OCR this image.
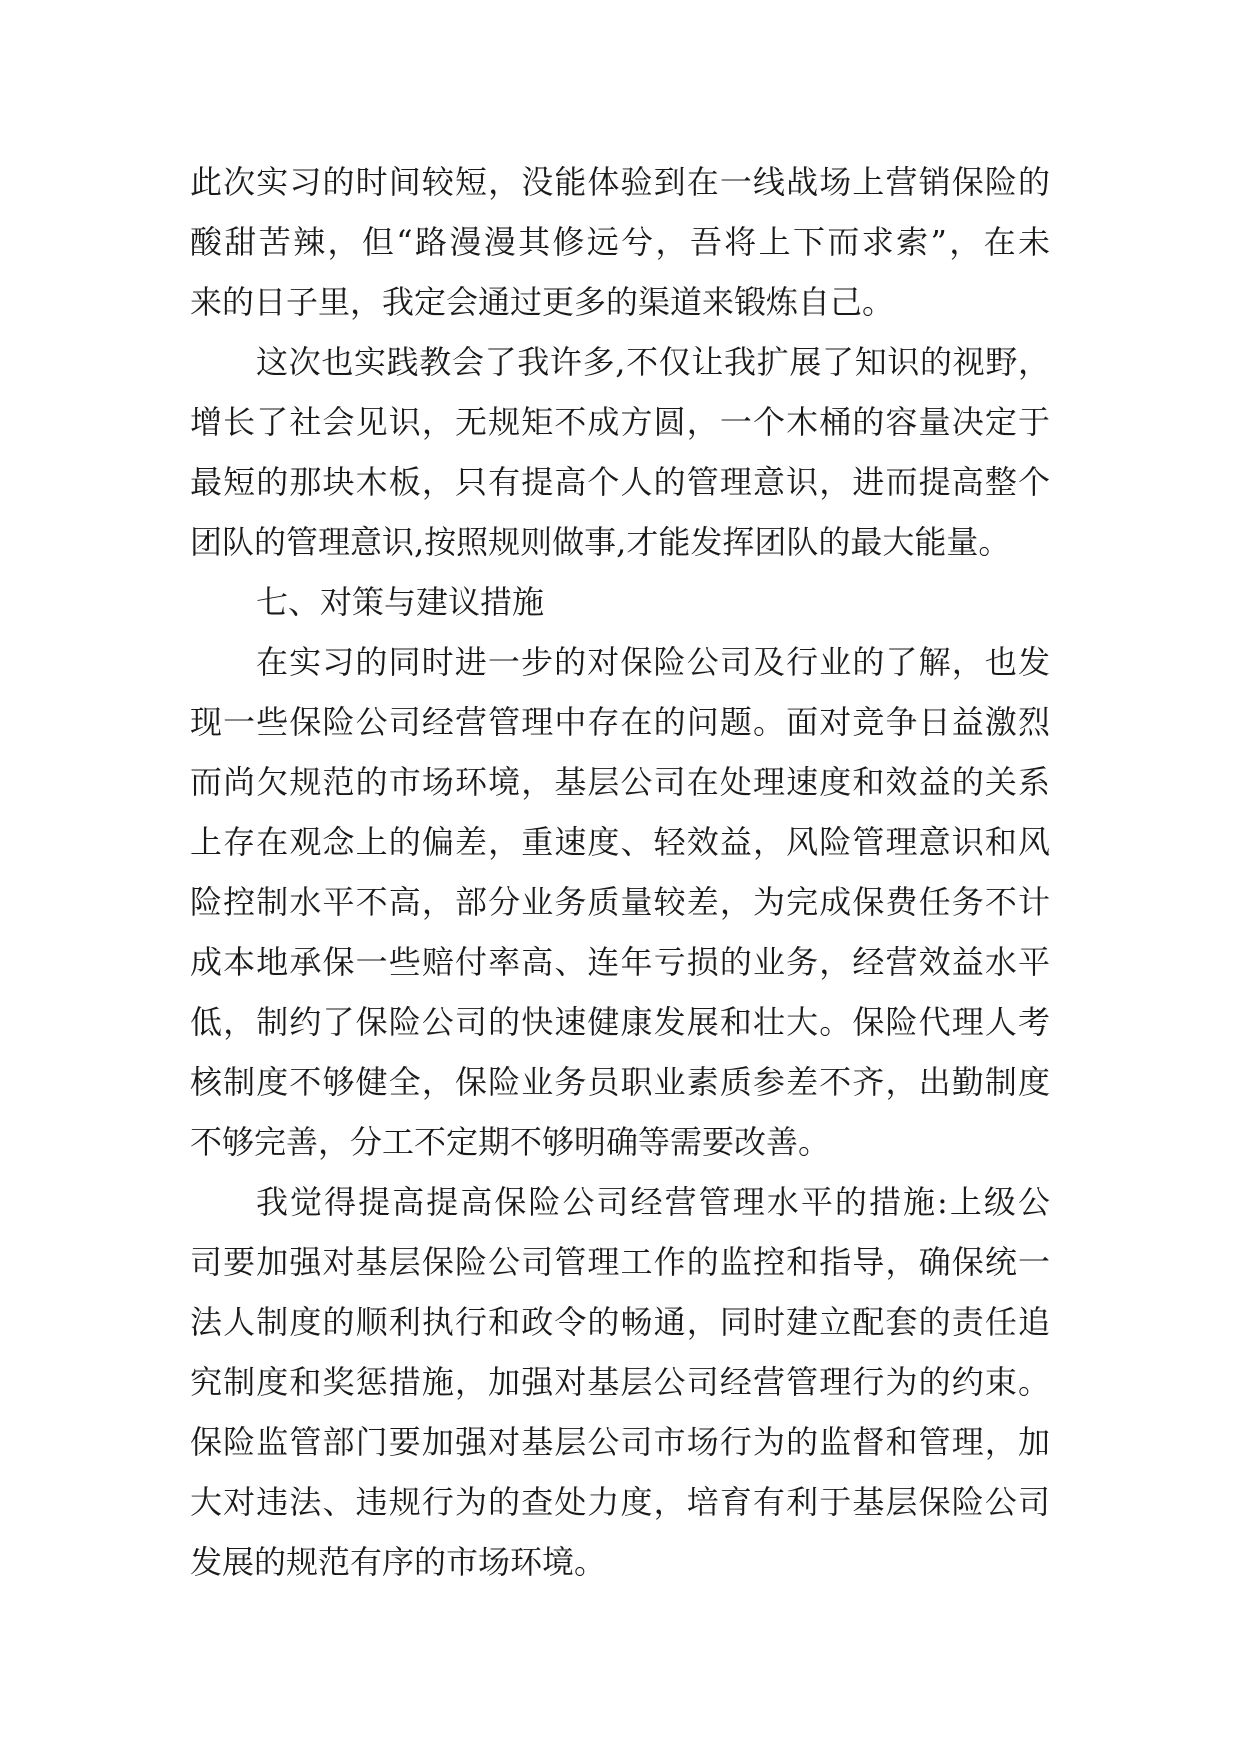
此次实习的时间较短，没能体验到在一线战场上营销保险的
酸甜苦辣，但“路漫漫其修远兮，吾将上下而求索”，在未
来的日子里，我定会通过更多的渠道来锻炼自己。
这次也实践教会了我许多,不仅让我扩展了知识的视野，
增长了社会见识，无规矩不成方圆，一个木桶的容量决定于
最短的那块木板，只有提高个人的管理意识，进而提高整个
团队的管理意识,按照规则做事,才能发挥团队的最大能量。
七、对策与建议措施
在实习的同时进一步的对保险公司及行业的了解，也发
现一些保险公司经营管理中存在的问题。面对竞争日益激烈
而尚欠规范的市场环境，基层公司在处理速度和效益的关系
上存在观念上的偏差，重速度、轻效益，风险管理意识和风
险控制水平不高，部分业务质量较差，为完成保费任务不计
成本地承保一些赔付率高、连年亏损的业务，经营效益水平
低，制约了保险公司的快速健康发展和壮大。保险代理人考
核制度不够健全，保险业务员职业素质参差不齐，出勤制度
不够完善，分工不定期不够明确等需要改善。
我觉得提高提高保险公司经营管理水平的措施:上级公
司要加强对基层保险公司管理工作的监控和指导，确保统一
法人制度的顺利执行和政令的畅通，同时建立配套的责任追
究制度和奖惩措施，加强对基层公司经营管理行为的约束。
保险监管部门要加强对基层公司市场行为的监督和管理，加
大对违法、违规行为的查处力度，培育有利于基层保险公司
发展的规范有序的市场环境。
